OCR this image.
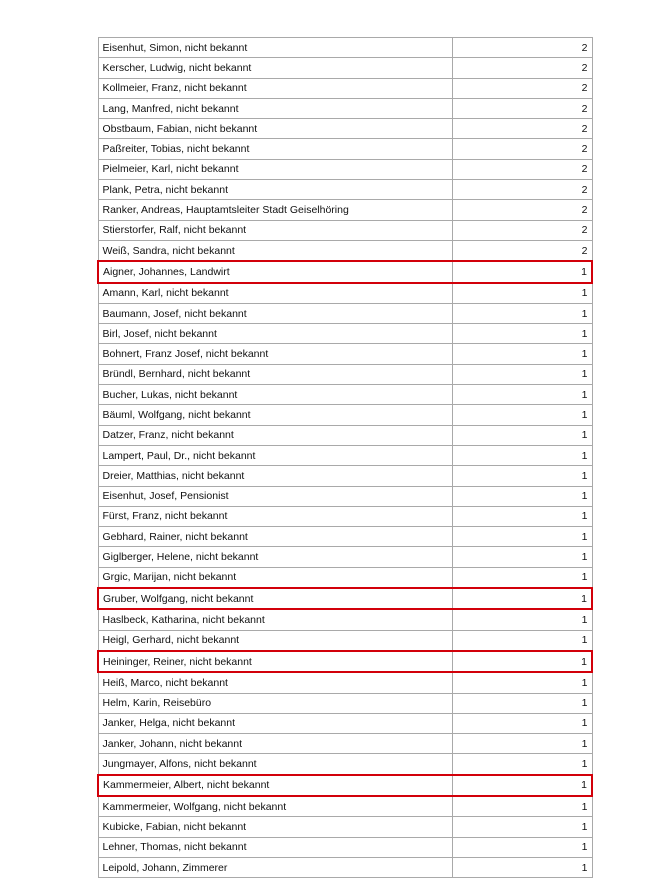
Eisenhut, Simon, nicht bekannt	2
Kerscher, Ludwig, nicht bekannt	2
Kollmeier, Franz, nicht bekannt	2
Lang, Manfred, nicht bekannt	2
Obstbaum, Fabian, nicht bekannt	2
Paßreiter, Tobias, nicht bekannt	2
Pielmeier, Karl, nicht bekannt	2
Plank, Petra, nicht bekannt	2
Ranker, Andreas, Hauptamtsleiter Stadt Geiselhöring	2
Stierstorfer, Ralf, nicht bekannt	2
Weiß, Sandra, nicht bekannt	2
Aigner, Johannes, Landwirt	1
Amann, Karl, nicht bekannt	1
Baumann, Josef, nicht bekannt	1
Birl, Josef, nicht bekannt	1
Bohnert, Franz Josef, nicht bekannt	1
Bründl, Bernhard, nicht bekannt	1
Bucher, Lukas, nicht bekannt	1
Bäuml, Wolfgang, nicht bekannt	1
Datzer, Franz, nicht bekannt	1
Lampert, Paul, Dr., nicht bekannt	1
Dreier, Matthias, nicht bekannt	1
Eisenhut, Josef, Pensionist	1
Fürst, Franz, nicht bekannt	1
Gebhard, Rainer, nicht bekannt	1
Giglberger, Helene, nicht bekannt	1
Grgic, Marijan, nicht bekannt	1
Gruber, Wolfgang, nicht bekannt	1
Haslbeck, Katharina, nicht bekannt	1
Heigl, Gerhard, nicht bekannt	1
Heininger, Reiner, nicht bekannt	1
Heiß, Marco, nicht bekannt	1
Helm, Karin, Reisebüro	1
Janker, Helga, nicht bekannt	1
Janker, Johann, nicht bekannt	1
Jungmayer, Alfons, nicht bekannt	1
Kammermeier, Albert, nicht bekannt	1
Kammermeier, Wolfgang, nicht bekannt	1
Kubicke, Fabian, nicht bekannt	1
Lehner, Thomas, nicht bekannt	1
Leipold, Johann, Zimmerer	1
